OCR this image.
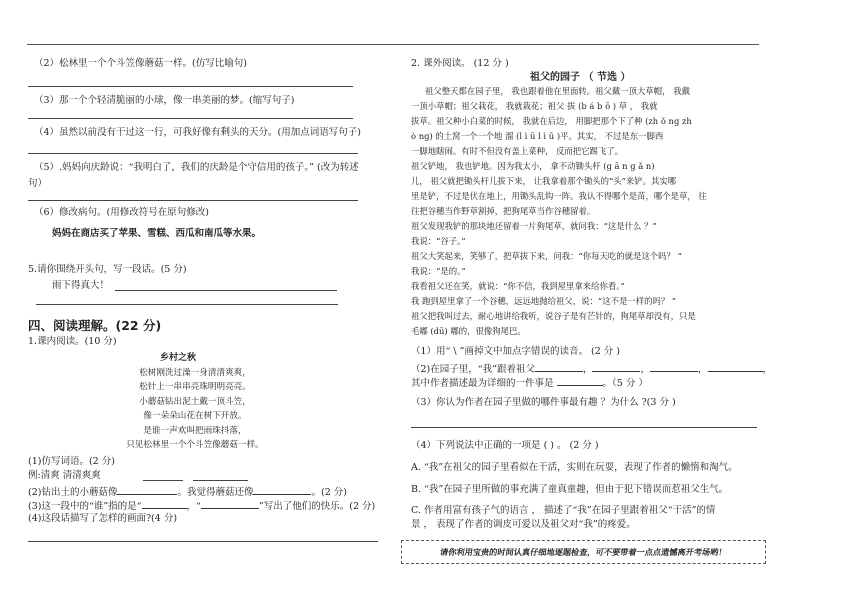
（2）松林里一个个斗笠像蘑菇一样。(仿写比喻句)
（3）那一个个轻清脆丽的小球，像一串美丽的梦。(缩写句子)
（4）虽然以前没有干过这一行，可我好像有剩头的天分。(用加点词语写句子)
（5）.妈妈向庆龄说：“我明白了，我们的庆龄是个守信用的孩子。” (改为转述
句）
（6）修改病句。(用修改符号在原句修改)
妈妈在商店买了苹果、雪糕、西瓜和南瓜等水果。
5.请你围绕开头句，写一段话。(5 分)
雨下得真大！
四、阅读理解。(22 分)
1.课内阅读。(10 分)
乡村之秋
松树刚洗过澡一身清清爽爽，
松针上一串串亮珠明明亮亮。
小蘑菇钻出泥土戴一顶斗笠，
像一朵朵山花在树下开放。
是谁一声欢叫把雨珠抖落，
只见松林里一个个斗笠像蘑菇一样。
(1)仿写词语。(2 分)
例:清爽 清清爽爽
(2)钻出土的小蘑菇像	。我觉得蘑菇还像	。(2 分)
(3)这一段中的“谁”指的是“	，“	”写出了他们的快乐。(2 分)
(4)这段话描写了怎样的画面?(4 分)
2. 课外阅读。 (12 分 )
祖父的园子 （ 节选 ）

祖父整天都在园子里， 我也跟着他在里面转。祖父戴一顶大草帽， 我戴

一顶小草帽；祖父栽花， 我就栽花；祖父 拔 (b á b ō ) 草 ， 我就

拔草。祖父种小白菜的时候， 我就在后边， 用脚把那个下了种 (zh ǒ ng zh

ò ng) 的土窝一个一个地 溜 (l ì ū l ì ū )平。其实， 不过是东一脚西

一脚地瞎闹。有时不但没有盖上菜种， 反而把它踢飞了。

祖父铲地， 我也铲地。因为我太小， 拿不动锄头杆 (g ā n g ǎ n)

儿， 祖父就把锄头杆儿拔下来， 让我拿着那个锄头的“头”来铲。其实哪

里是铲，不过是伏在地上，用锄头乱钩一阵。我认不得哪个是苗，哪个是草， 往

往把谷穗当作野草割掉，把狗尾草当作谷穗留着。

祖父发现我铲的那块地还留着一片狗尾草，就问我：“这是什么 ？”

我说：“谷子。”

祖父大笑起来，笑够了，把草拔下来，问我：“你每天吃的就是这个吗？ ”

我说：“是的。”

我看祖父还在笑，就说：“你不信，我到屋里拿来给你看。”

我 跑到屋里拿了一个谷穗，远远地抛给祖父，说：“这不是一样的吗？ ”

祖父把我叫过去，耐心地讲给我听，说谷子是有芒针的，狗尾草却没有，只是

毛嘟 (dū) 嘟的，很像狗尾巴。

（1）用“ \ ”画掉文中加点字错误的读音。 (2 分 )
（2)在园子里，“我”跟着祖父	，	，	，	，
其中作者描述最为详细的一件事是	。（5 分 ）
（3）你认为作者在园子里做的哪件事最有趣 ？为什么 ?(3 分 )
（4）下列说法中正确的一项是 ( ) 。 (2 分 )
A. “我”在祖父的园子里看似在干活，实则在玩耍，表现了作者的懒惰和淘气。
B. “我”在园子里所做的事充满了童真童趣，但由于犯下错误而惹祖父生气。
C. 作者用富有孩子气的语言 ， 描述了“我”在园子里跟着祖父“干活”的情
景 ， 表现了作者的调皮可爱以及祖父对“我”的疼爱。
请你利用宝贵的时间认真仔细地逐题检查，可不要带着一点点遗憾离开考场哟！
